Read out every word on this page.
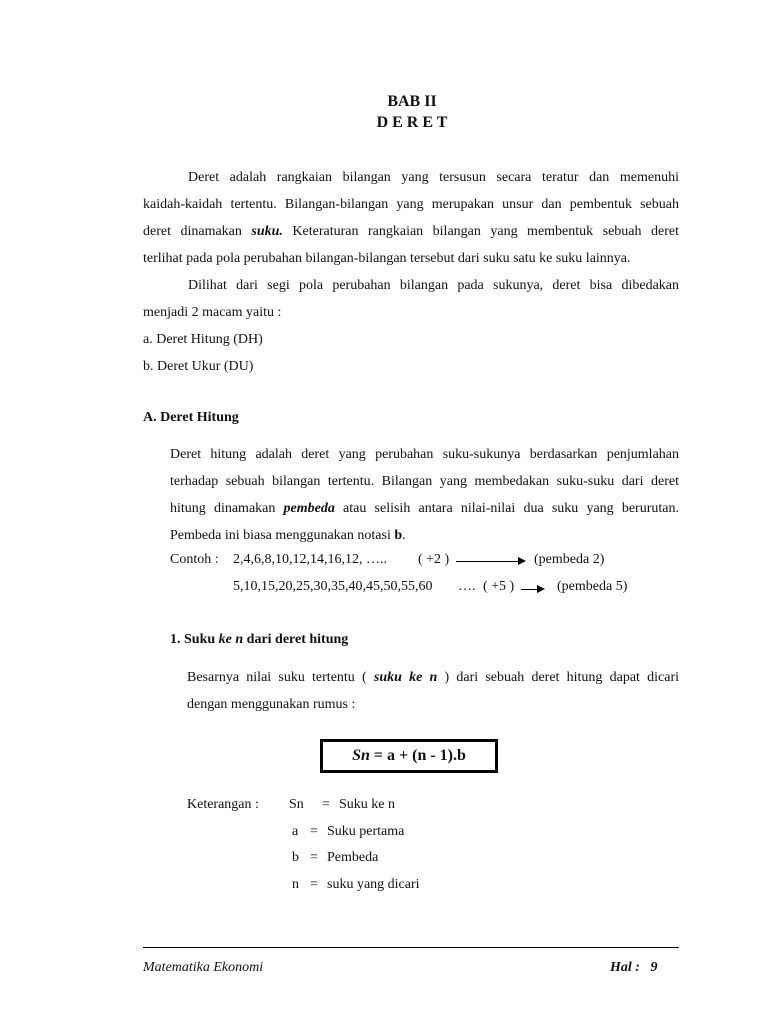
BAB II
D E R E T
Deret adalah rangkaian bilangan yang tersusun secara teratur dan memenuhi
kaidah-kaidah tertentu. Bilangan-bilangan yang merupakan unsur dan pembentuk sebuah
deret dinamakan suku. Keteraturan rangkaian bilangan yang membentuk sebuah deret
terlihat pada pola perubahan bilangan-bilangan tersebut dari suku satu ke suku lainnya.
Dilihat dari segi pola perubahan bilangan pada sukunya, deret bisa dibedakan
menjadi 2 macam yaitu :
a. Deret Hitung (DH)
b. Deret Ukur (DU)
A. Deret Hitung
Deret hitung adalah deret yang perubahan suku-sukunya berdasarkan penjumlahan
terhadap sebuah bilangan tertentu. Bilangan yang membedakan suku-suku dari deret
hitung dinamakan pembeda atau selisih antara nilai-nilai dua suku yang berurutan.
Pembeda ini biasa menggunakan notasi b.
Contoh : 2,4,6,8,10,12,14,16,12, ….. ( +2 )	(pembeda 2)
5,10,15,20,25,30,35,40,45,50,55,60 …. ( +5 )	(pembeda 5)
1. Suku ke n dari deret hitung
Besarnya nilai suku tertentu ( suku ke n ) dari sebuah deret hitung dapat dicari
dengan menggunakan rumus :
Sn = a + (n - 1).b
Keterangan : Sn = Suku ke n
a = Suku pertama
b = Pembeda
n = suku yang dicari
Matematika Ekonomi	Hal :   9
